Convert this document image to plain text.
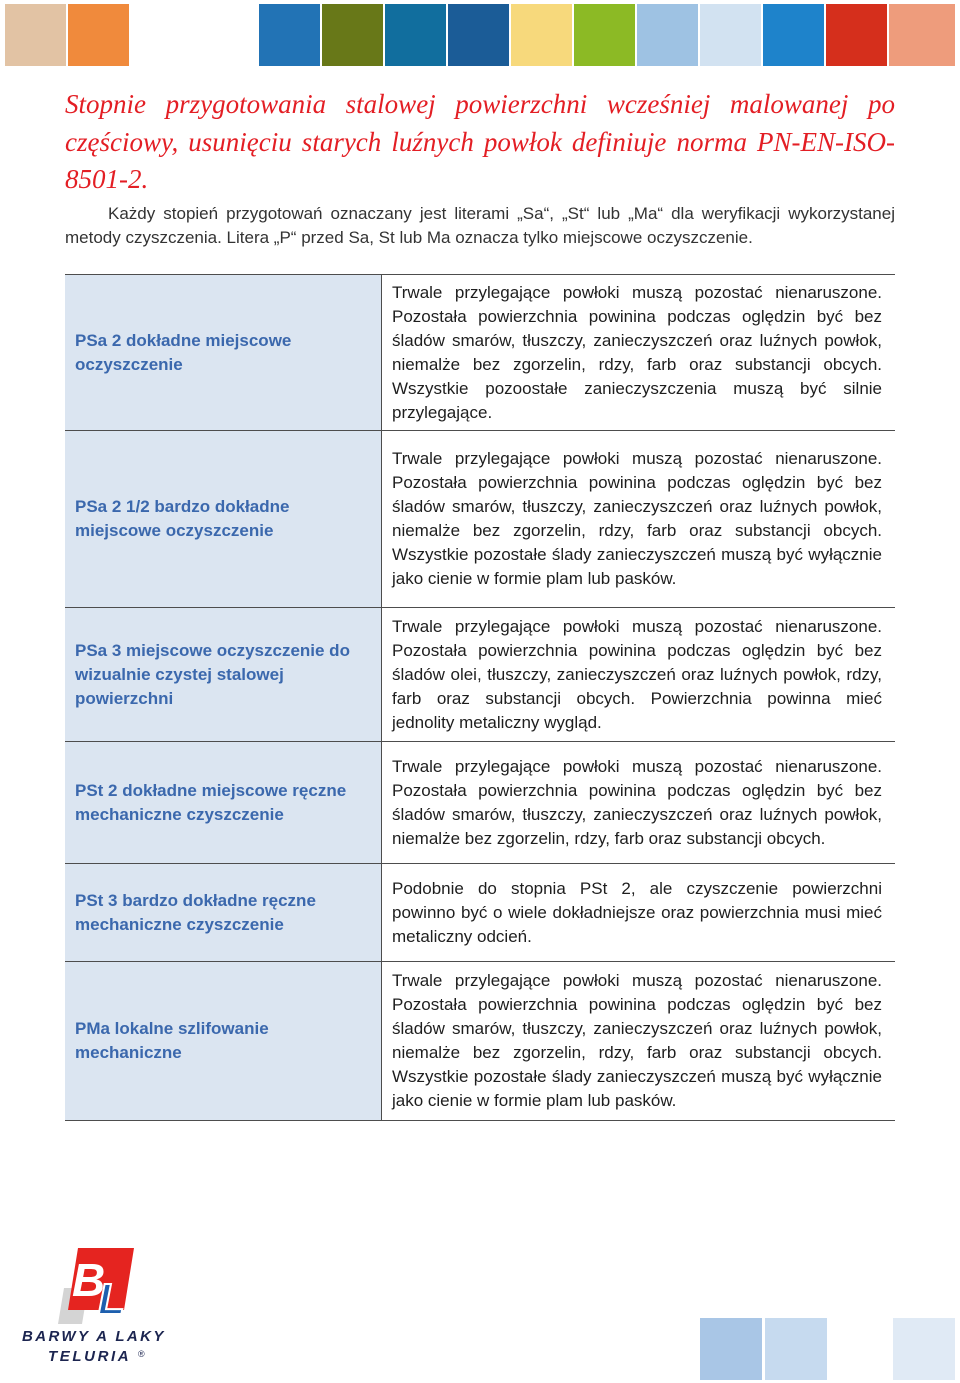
Stopnie przygotowania stalowej powierzchni wcześniej malowanej po
częściowy, usunięciu starych luźnych powłok definiuje norma PN-EN-ISO-
8501-2.
Każdy stopień przygotowań oznaczany jest literami „Sa“, „St“ lub „Ma“ dla weryfikacji wykorzystanej
metody czyszczenia. Litera „P“ przed Sa, St lub Ma oznacza tylko miejscowe oczyszczenie.
PSa 2 dokładne miejscowe oczyszczenie
Trwale przylegające powłoki muszą pozostać nienaruszone. Pozostała powierzchnia powinina podczas oględzin być bez śladów smarów, tłuszczy, zanieczyszczeń oraz luźnych powłok, niemalże bez zgorzelin, rdzy, farb oraz substancji obcych. Wszystkie pozoostałe zanieczyszczenia muszą być silnie przylegające.
PSa 2 1/2 bardzo dokładne miejscowe oczyszczenie
Trwale przylegające powłoki muszą pozostać nienaruszone. Pozostała powierzchnia powinina podczas oględzin być bez śladów smarów, tłuszczy, zanieczyszczeń oraz luźnych powłok, niemalże bez zgorzelin, rdzy, farb oraz substancji obcych. Wszystkie pozostałe ślady zanieczyszczeń muszą być wyłącznie jako cienie w formie plam lub pasków.
PSa 3 miejscowe oczyszczenie do wizualnie czystej stalowej powierzchni
Trwale przylegające powłoki muszą pozostać nienaruszone. Pozostała powierzchnia powinina podczas oględzin być bez śladów olei, tłuszczy, zanieczyszczeń oraz luźnych powłok, rdzy, farb oraz substancji obcych. Powierzchnia powinna mieć jednolity metaliczny wygląd.
PSt 2 dokładne miejscowe ręczne mechaniczne czyszczenie
Trwale przylegające powłoki muszą pozostać nienaruszone. Pozostała powierzchnia powinina podczas oględzin być bez śladów smarów, tłuszczy, zanieczyszczeń oraz luźnych powłok, niemalże bez zgorzelin, rdzy, farb oraz substancji obcych.
PSt 3 bardzo dokładne ręczne mechaniczne czyszczenie
Podobnie do stopnia PSt 2, ale czyszczenie powierzchni powinno być o wiele dokładniejsze oraz powierzchnia musi mieć metaliczny odcień.
PMa lokalne szlifowanie mechaniczne
Trwale przylegające powłoki muszą pozostać nienaruszone. Pozostała powierzchnia powinina podczas oględzin być bez śladów smarów, tłuszczy, zanieczyszczeń oraz luźnych powłok, niemalże bez zgorzelin, rdzy, farb oraz substancji obcych. Wszystkie pozostałe ślady zanieczyszczeń muszą być wyłącznie jako cienie w formie plam lub pasków.
B
L
BARWY A LAKY
TELURIA ®
